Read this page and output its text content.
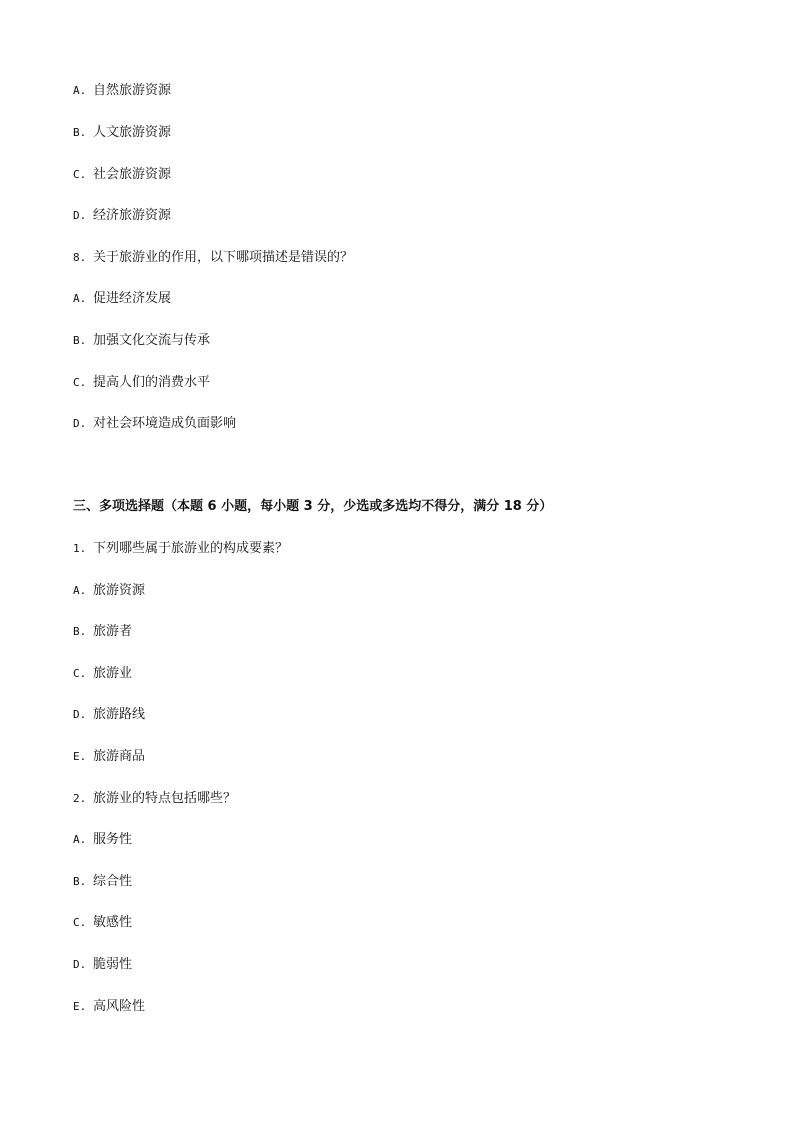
A. 自然旅游资源
B. 人文旅游资源
C. 社会旅游资源
D. 经济旅游资源
8. 关于旅游业的作用，以下哪项描述是错误的？
A. 促进经济发展
B. 加强文化交流与传承
C. 提高人们的消费水平
D. 对社会环境造成负面影响
三、多项选择题（本题 6 小题，每小题 3 分，少选或多选均不得分，满分 18 分）
1. 下列哪些属于旅游业的构成要素？
A. 旅游资源
B. 旅游者
C. 旅游业
D. 旅游路线
E. 旅游商品
2. 旅游业的特点包括哪些？
A. 服务性
B. 综合性
C. 敏感性
D. 脆弱性
E. 高风险性
